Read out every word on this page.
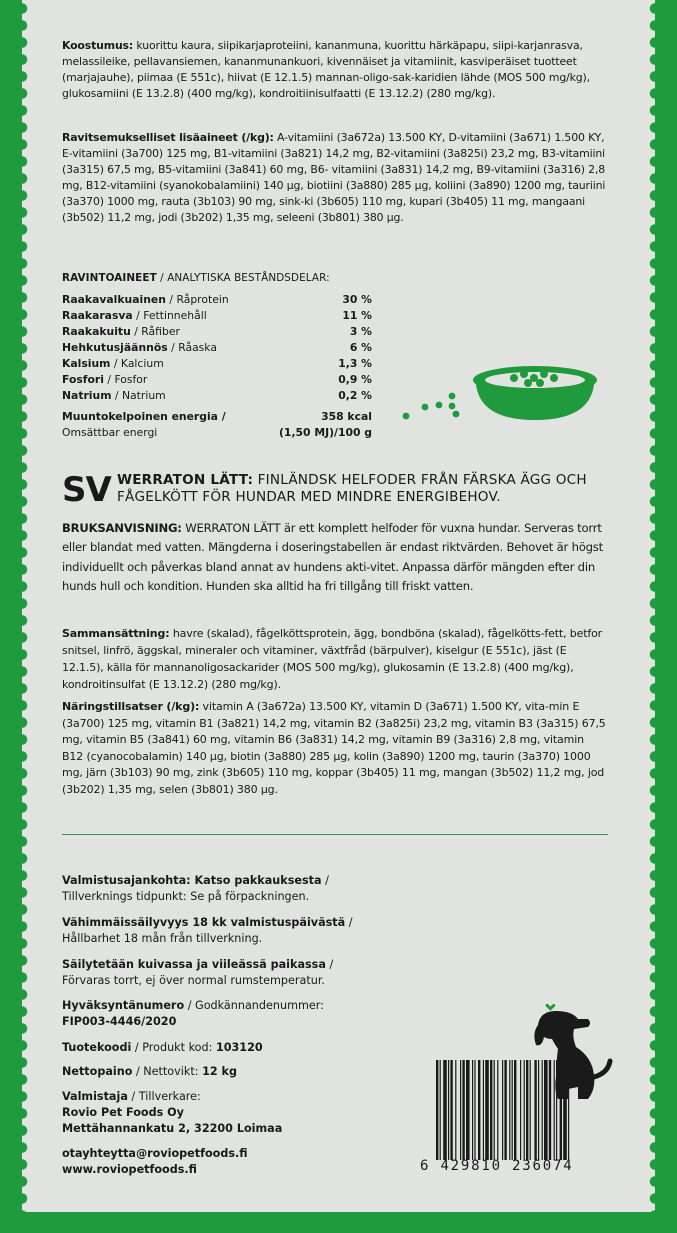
Koostumus: kuorittu kaura, siipikarjaproteiini, kananmuna, kuorittu härkäpapu, siipi-karjanrasva, melassileike, pellavansiemen, kananmunankuori, kivennäiset ja vitamiinit, kasviperäiset tuotteet (marjajauhe), piimaa (E 551c), hiivat (E 12.1.5) mannan-oligo-sak-karidien lähde (MOS 500 mg/kg), glukosamiini (E 13.2.8) (400 mg/kg), kondroitiinisulfaatti (E 13.12.2) (280 mg/kg).

Ravitsemukselliset lisäaineet (/kg): A-vitamiini (3a672a) 13.500 KY, D-vitamiini (3a671) 1.500 KY, E-vitamiini (3a700) 125 mg, B1-vitamiini (3a821) 14,2 mg, B2-vitamiini (3a825i) 23,2 mg, B3-vitamiini (3a315) 67,5 mg, B5-vitamiini (3a841) 60 mg, B6- vitamiini (3a831) 14,2 mg, B9-vitamiini (3a316) 2,8 mg, B12-vitamiini (syanokobalamiini) 140 µg, biotiini (3a880) 285 µg, koliini (3a890) 1200 mg, tauriini (3a370) 1000 mg, rauta (3b103) 90 mg, sink-ki (3b605) 110 mg, kupari (3b405) 11 mg, mangaani (3b502) 11,2 mg, jodi (3b202) 1,35 mg, seleeni (3b801) 380 µg.

RAVINTOAINEET / ANALYTISKA BESTÅNDSDELAR:
Raakavalkuainen / Råprotein	30 %
Raakarasva / Fettinnehåll	11 %
Raakakuitu / Råfiber	3 %
Hehkutusjäännös / Råaska	6 %
Kalsium / Kalcium	1,3 %
Fosfori / Fosfor	0,9 %
Natrium / Natrium	0,2 %
Muuntokelpoinen energia /	358 kcal
Omsättbar energi	(1,50 MJ)/100 g
SV WERRATON LÄTT: FINLÄNDSK HELFODER FRÅN FÄRSKA ÄGG OCH FÅGELKÖTT FÖR HUNDAR MED MINDRE ENERGIBEHOV.

BRUKSANVISNING: WERRATON LÄTT är ett komplett helfoder för vuxna hundar. Serveras torrt eller blandat med vatten. Mängderna i doseringstabellen är endast riktvärden. Behovet är högst individuellt och påverkas bland annat av hundens akti-vitet. Anpassa därför mängden efter din hunds hull och kondition. Hunden ska alltid ha fri tillgång till friskt vatten.

Sammansättning: havre (skalad), fågelköttsprotein, ägg, bondböna (skalad), fågelkötts-fett, betfor snitsel, linfrö, äggskal, mineraler och vitaminer, växtfråd (bärpulver), kiselgur (E 551c), jäst (E 12.1.5), källa för mannanoligosackarider (MOS 500 mg/kg), glukosamin (E 13.2.8) (400 mg/kg), kondroitinsulfat (E 13.12.2) (280 mg/kg).

Näringstillsatser (/kg): vitamin A (3a672a) 13.500 KY, vitamin D (3a671) 1.500 KY, vita-min E (3a700) 125 mg, vitamin B1 (3a821) 14,2 mg, vitamin B2 (3a825i) 23,2 mg, vitamin B3 (3a315) 67,5 mg, vitamin B5 (3a841) 60 mg, vitamin B6 (3a831) 14,2 mg, vitamin B9 (3a316) 2,8 mg, vitamin B12 (cyanocobalamin) 140 µg, biotin (3a880) 285 µg, kolin (3a890) 1200 mg, taurin (3a370) 1000 mg, järn (3b103) 90 mg, zink (3b605) 110 mg, koppar (3b405) 11 mg, mangan (3b502) 11,2 mg, jod (3b202) 1,35 mg, selen (3b801) 380 µg.

Valmistusajankohta: Katso pakkauksesta /
Tillverknings tidpunkt: Se på förpackningen.
Vähimmäissäilyvyys 18 kk valmistuspäivästä /
Hållbarhet 18 mån från tillverkning.
Säilytetään kuivassa ja viileässä paikassa /
Förvaras torrt, ej över normal rumstemperatur.
Hyväksyntänumero / Godkännandenummer:
FIP003-4446/2020
Tuotekoodi / Produkt kod: 103120
Nettopaino / Nettovikt: 12 kg
Valmistaja / Tillverkare:
Rovio Pet Foods Oy
Mettähannankatu 2, 32200 Loimaa
otayhteytta@roviopetfoods.fi
www.roviopetfoods.fi	6 429810 236074
